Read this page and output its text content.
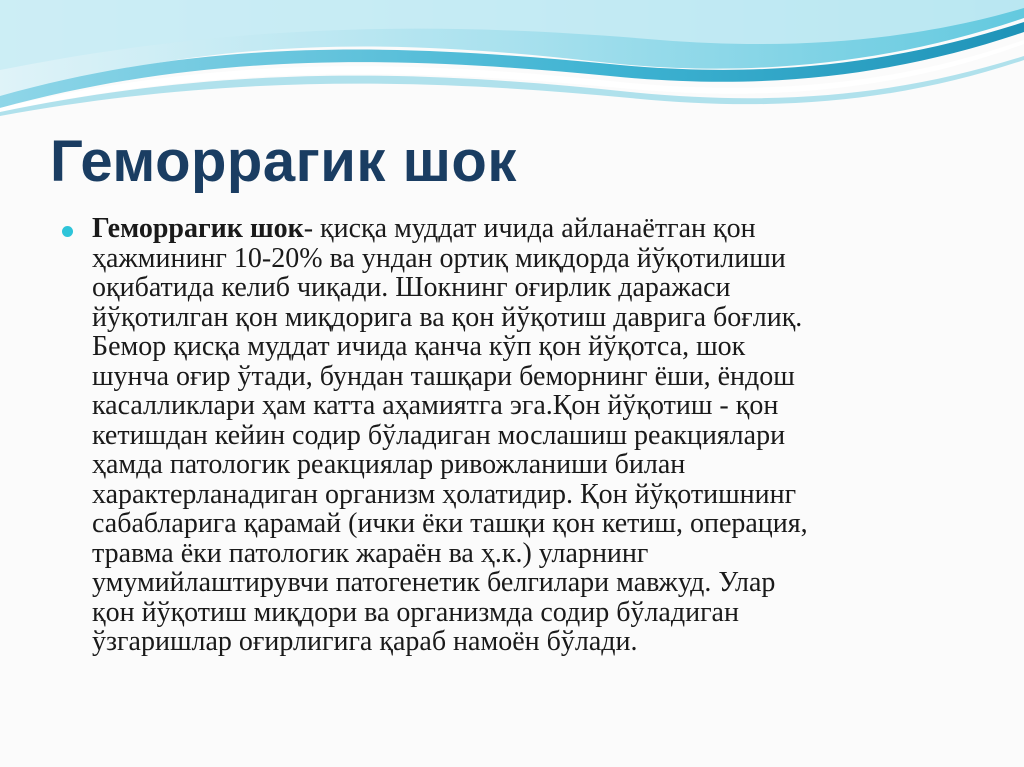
Геморрагик шок

Геморрагик шок- қисқа муддат ичида айланаётган қон
ҳажмининг 10-20% ва ундан ортиқ миқдорда йўқотилиши
оқибатида келиб чиқади. Шокнинг оғирлик даражаси
йўқотилган қон миқдорига ва қон йўқотиш даврига боғлиқ.
Бемор қисқа муддат ичида қанча кўп қон йўқотса, шок
шунча оғир ўтади, бундан ташқари беморнинг ёши, ёндош
касалликлари ҳам катта аҳамиятга эга.Қон йўқотиш - қон
кетишдан кейин содир бўладиган мослашиш реакциялари
ҳамда патологик реакциялар ривожланиши билан
характерланадиган организм ҳолатидир. Қон йўқотишнинг
сабабларига қарамай (ички ёки ташқи қон кетиш, операция,
травма ёки патологик жараён ва ҳ.к.) уларнинг
умумийлаштирувчи патогенетик белгилари мавжуд. Улар
қон йўқотиш миқдори ва организмда содир бўладиган
ўзгаришлар оғирлигига қараб намоён бўлади.
